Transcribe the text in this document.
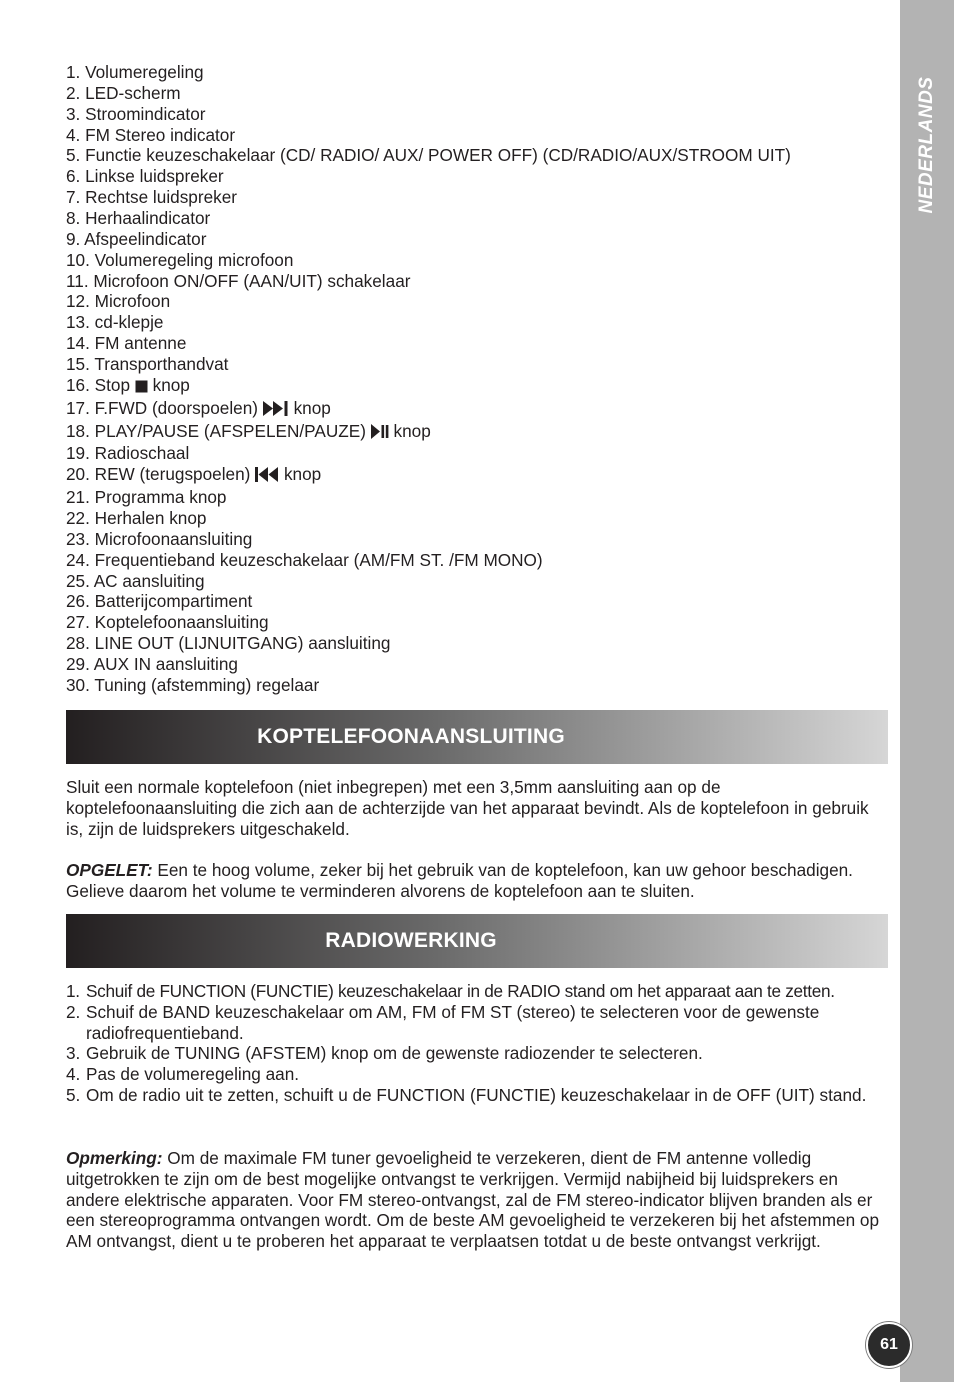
NEDERLANDS
1. Volumeregeling
2. LED-scherm
3. Stroomindicator
4. FM Stereo indicator
5. Functie keuzeschakelaar (CD/ RADIO/ AUX/ POWER OFF) (CD/RADIO/AUX/STROOM UIT)
6. Linkse luidspreker
7. Rechtse luidspreker
8. Herhaalindicator
9. Afspeelindicator
10. Volumeregeling microfoon
11. Microfoon ON/OFF (AAN/UIT) schakelaar
12. Microfoon
13. cd-klepje
14. FM antenne
15. Transporthandvat
16. Stop knop
17. F.FWD (doorspoelen) knop
18. PLAY/PAUSE (AFSPELEN/PAUZE) knop
19. Radioschaal
20. REW (terugspoelen) knop
21. Programma knop
22. Herhalen knop
23. Microfoonaansluiting
24. Frequentieband keuzeschakelaar (AM/FM ST. /FM MONO)
25. AC aansluiting
26. Batterijcompartiment
27. Koptelefoonaansluiting
28. LINE OUT (LIJNUITGANG) aansluiting
29. AUX IN aansluiting
30. Tuning (afstemming) regelaar
KOPTELEFOONAANSLUITING

Sluit een normale koptelefoon (niet inbegrepen) met een 3,5mm aansluiting aan op de koptelefoonaansluiting die zich aan de achterzijde van het apparaat bevindt. Als de koptelefoon in gebruik is, zijn de luidsprekers uitgeschakeld.

OPGELET: Een te hoog volume, zeker bij het gebruik van de koptelefoon, kan uw gehoor beschadigen. Gelieve daarom het volume te verminderen alvorens de koptelefoon aan te sluiten.

RADIOWERKING
1. Schuif de FUNCTION (FUNCTIE) keuzeschakelaar in de RADIO stand om het apparaat aan te zetten.
2. Schuif de BAND keuzeschakelaar om AM, FM of FM ST (stereo) te selecteren voor de gewenste radiofrequentieband.
3. Gebruik de TUNING (AFSTEM) knop om de gewenste radiozender te selecteren.
4. Pas de volumeregeling aan.
5. Om de radio uit te zetten, schuift u de FUNCTION (FUNCTIE) keuzeschakelaar in de OFF (UIT) stand.

Opmerking: Om de maximale FM tuner gevoeligheid te verzekeren, dient de FM antenne volledig uitgetrokken te zijn om de best mogelijke ontvangst te verkrijgen. Vermijd nabijheid bij luidsprekers en andere elektrische apparaten. Voor FM stereo-ontvangst, zal de FM stereo-indicator blijven branden als er een stereoprogramma ontvangen wordt. Om de beste AM gevoeligheid te verzekeren bij het afstemmen op AM ontvangst, dient u te proberen het apparaat te verplaatsen totdat u de beste ontvangst verkrijgt.

61
